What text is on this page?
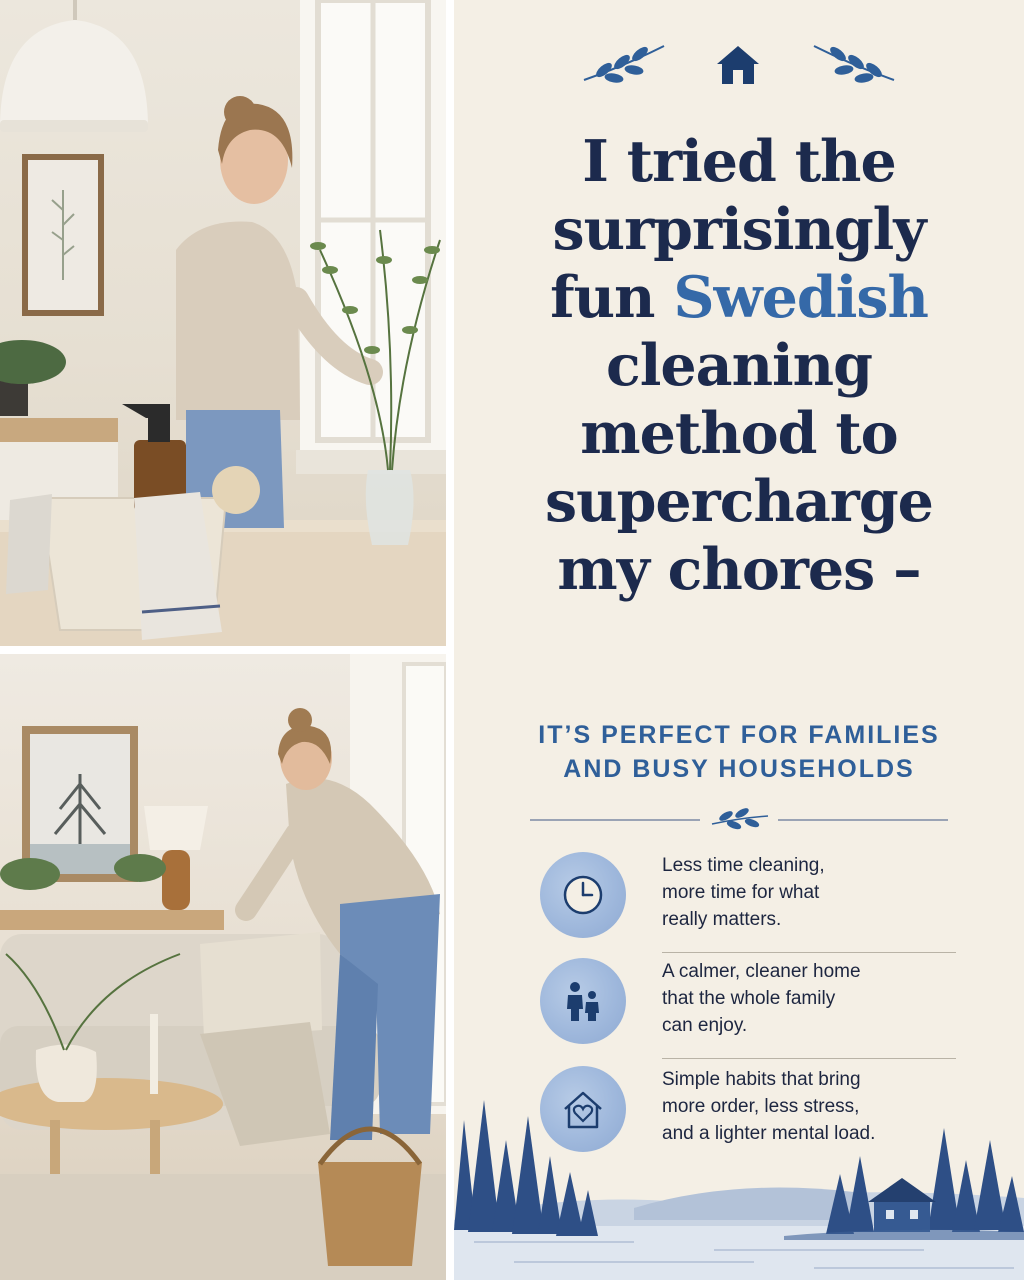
I tried the
surprisingly
fun Swedish
cleaning
method to
supercharge
my chores –
IT’S PERFECT FOR FAMILIES
AND BUSY HOUSEHOLDS
Less time cleaning,
more time for what
really matters.
A calmer, cleaner home
that the whole family
can enjoy.
Simple habits that bring
more order, less stress,
and a lighter mental load.
